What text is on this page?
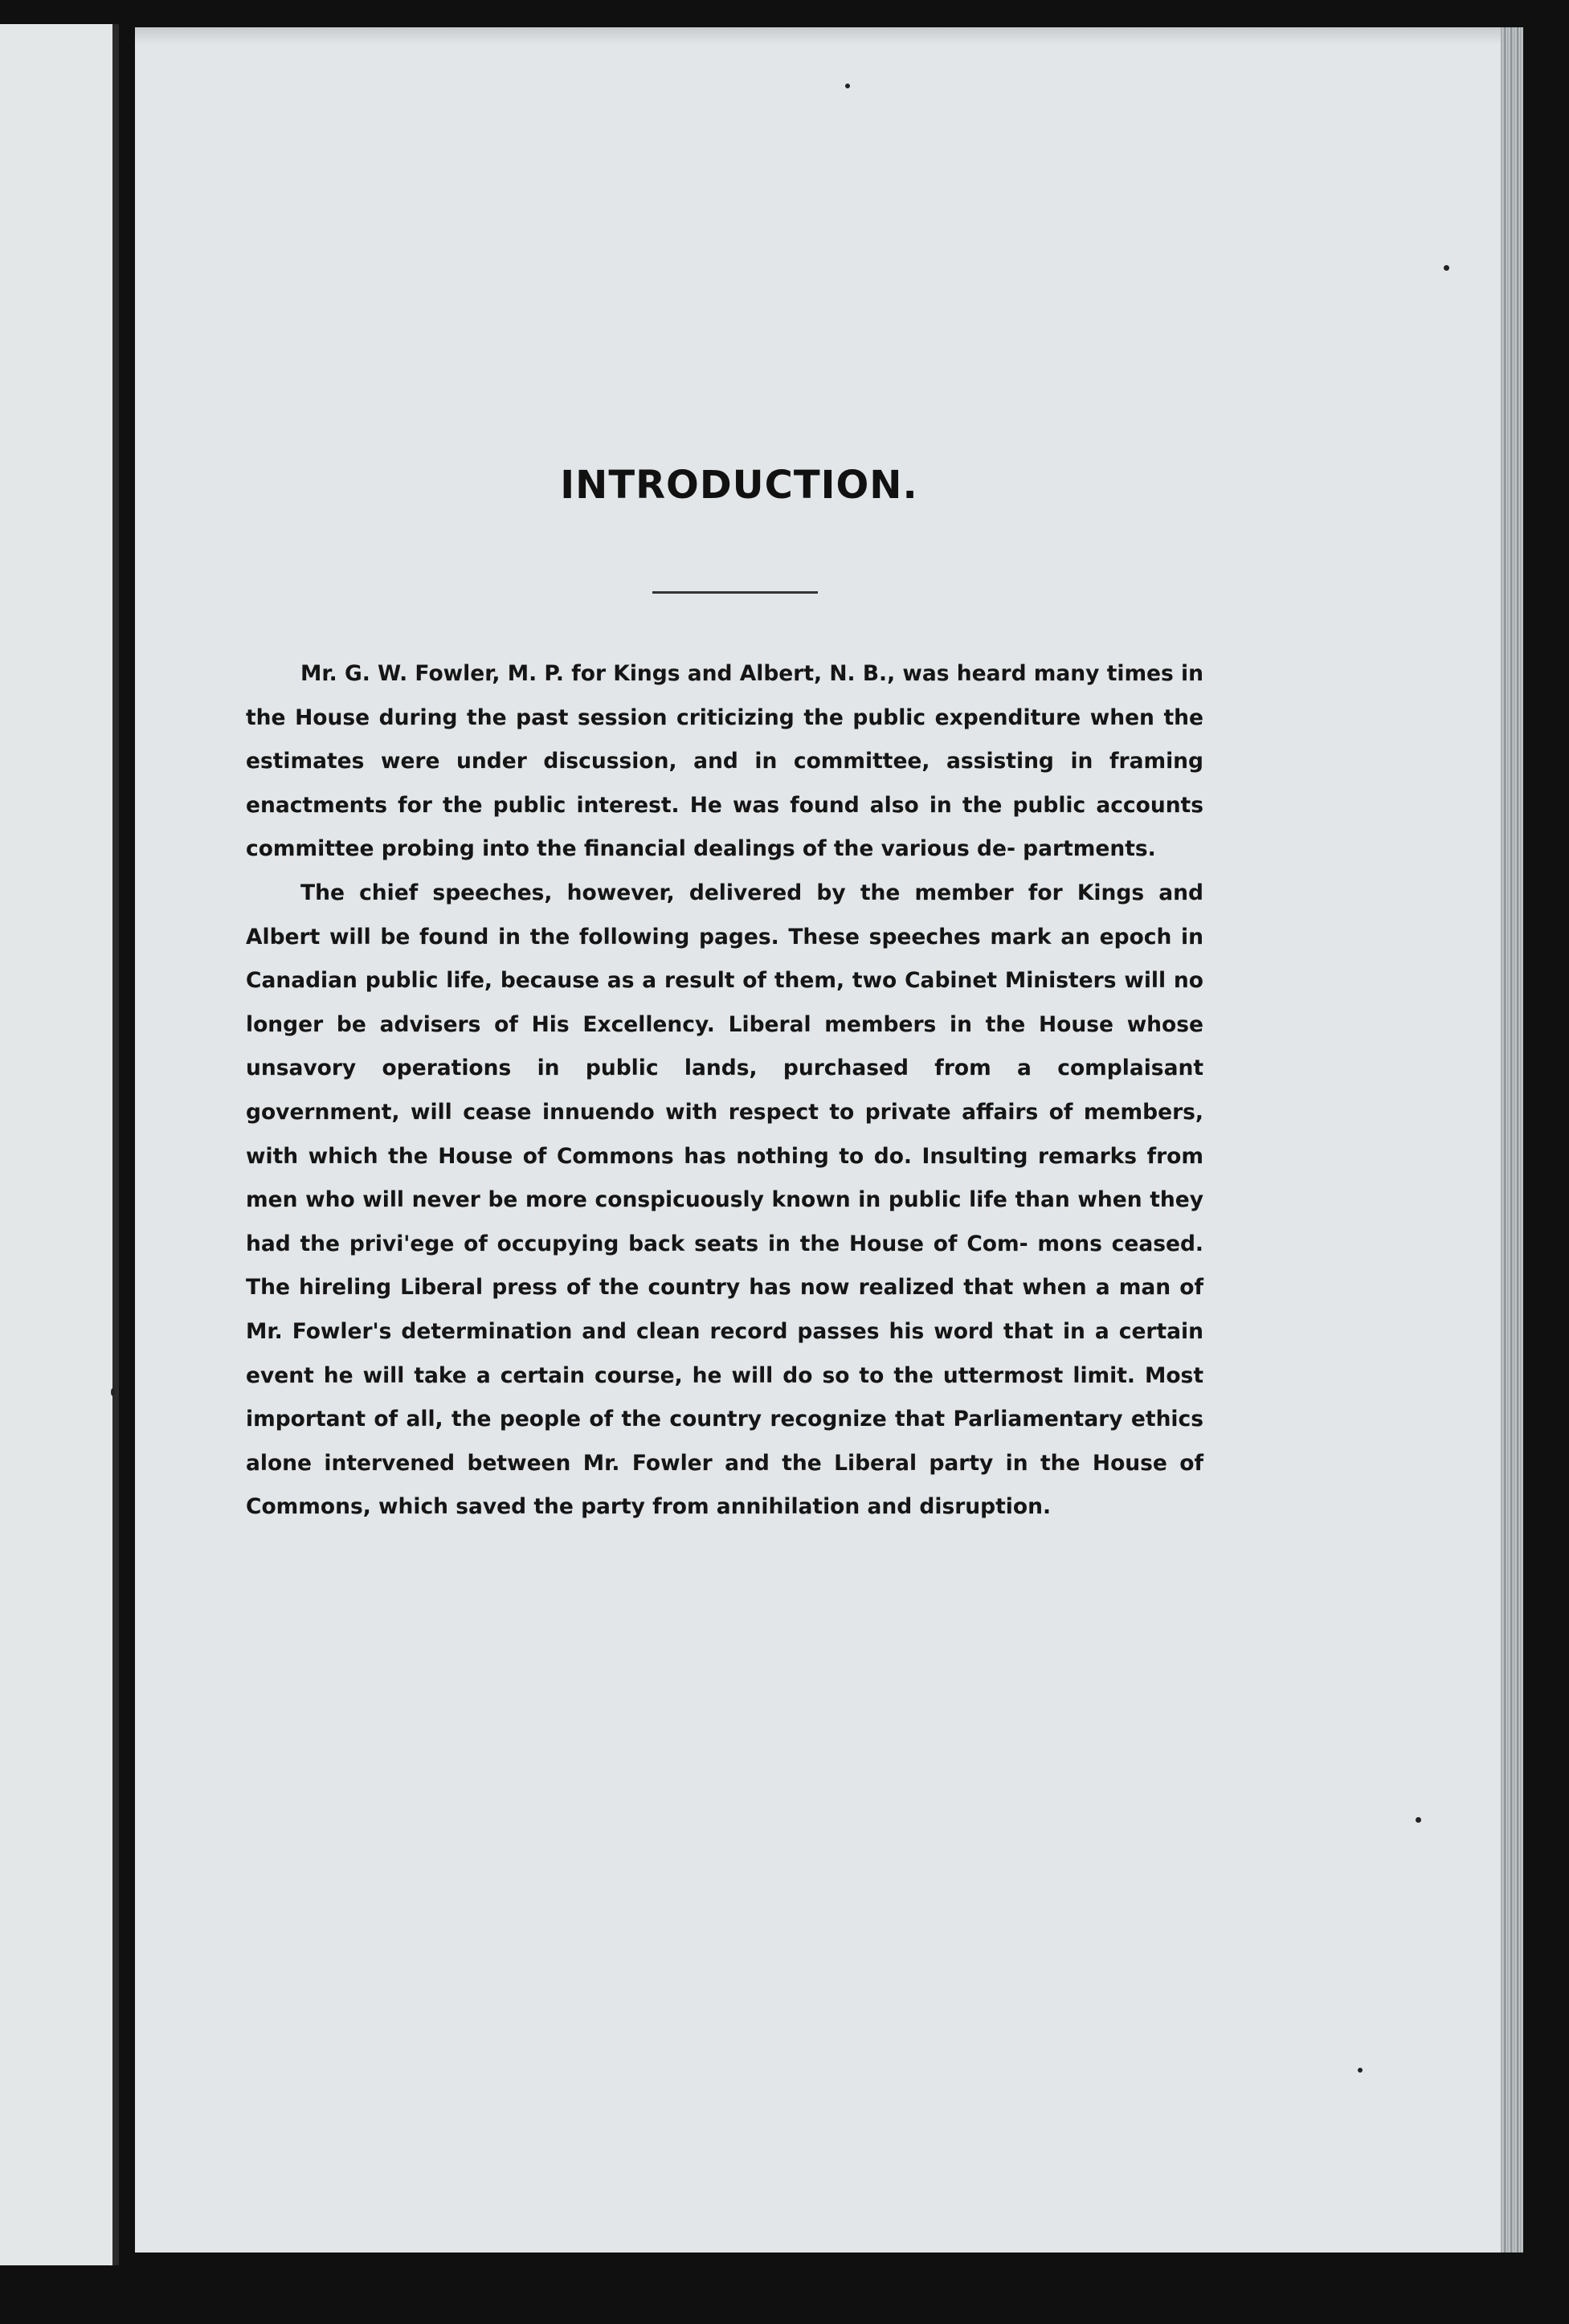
INTRODUCTION.

Mr. G. W. Fowler, M. P. for Kings and Albert, N. B., was heard many times in the House during the past session criticizing the public expenditure when the estimates were under discussion, and in committee, assisting in framing enactments for the public interest. He was found also in the public accounts committee probing into the financial dealings of the various de- partments.

The chief speeches, however, delivered by the member for Kings and Albert will be found in the following pages. These speeches mark an epoch in Canadian public life, because as a result of them, two Cabinet Ministers will no longer be advisers of His Excellency. Liberal members in the House whose unsavory operations in public lands, purchased from a complaisant government, will cease innuendo with respect to private affairs of members, with which the House of Commons has nothing to do. Insulting remarks from men who will never be more conspicuously known in public life than when they had the privi'ege of occupying back seats in the House of Com- mons ceased. The hireling Liberal press of the country has now realized that when a man of Mr. Fowler's determination and clean record passes his word that in a certain event he will take a certain course, he will do so to the uttermost limit. Most important of all, the people of the country recognize that Parliamentary ethics alone intervened between Mr. Fowler and the Liberal party in the House of Commons, which saved the party from annihilation and disruption.
